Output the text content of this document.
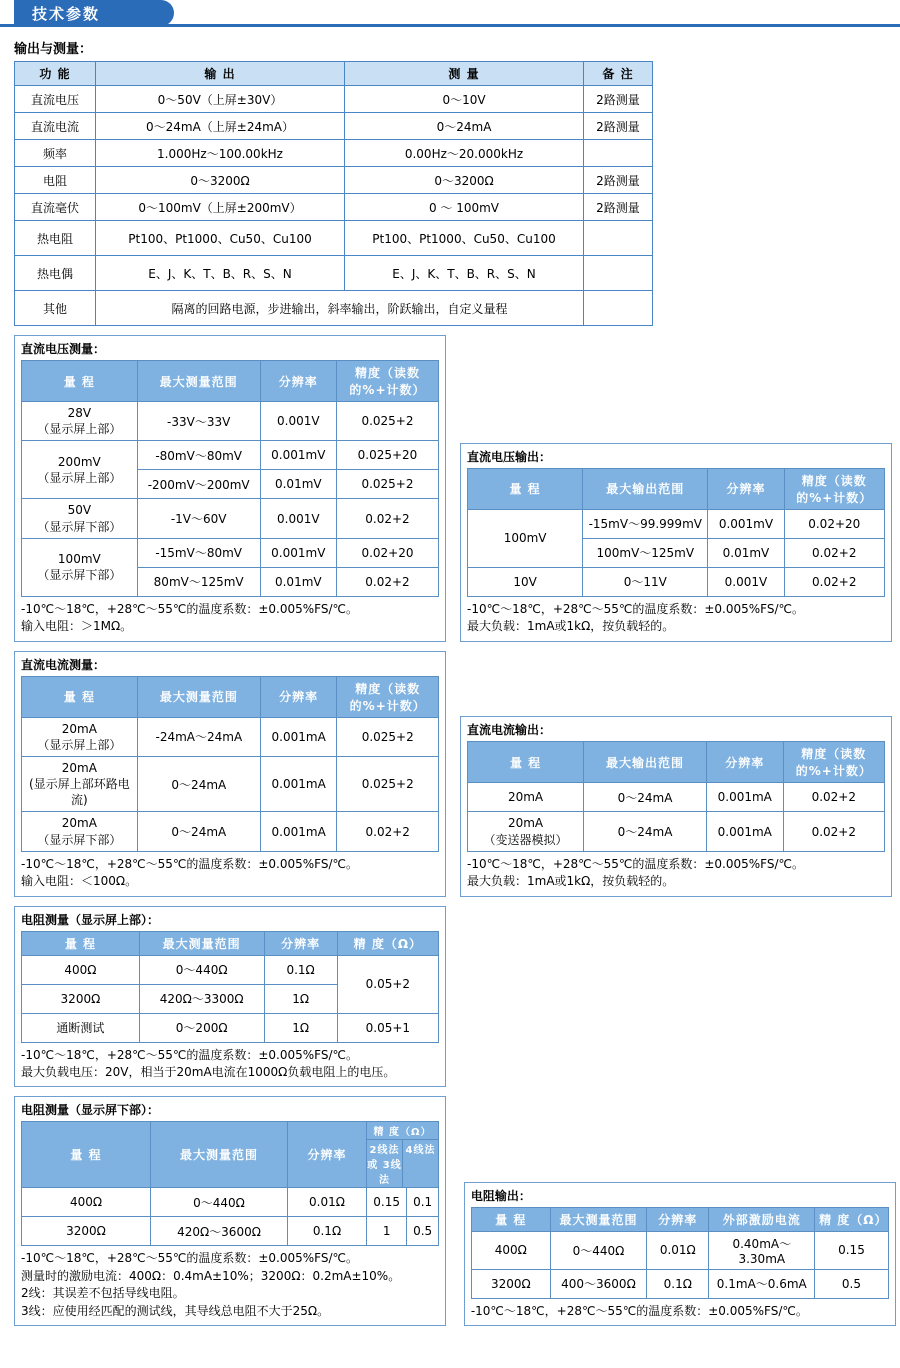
技术参数
输出与测量：
功 能	输 出	测 量	备 注
直流电压	0～50V（上屏±30V）	0～10V	2路测量
直流电流	0～24mA（上屏±24mA）	0～24mA	2路测量
频率	1.000Hz～100.00kHz	0.00Hz～20.000kHz	
电阻	0～3200Ω	0～3200Ω	2路测量
直流毫伏	0～100mV（上屏±200mV）	0 ～ 100mV	2路测量
热电阻	Pt100、Pt1000、Cu50、Cu100	Pt100、Pt1000、Cu50、Cu100	
热电偶	E、J、K、T、B、R、S、N	E、J、K、T、B、R、S、N	
其他	隔离的回路电源，步进输出，斜率输出，阶跃输出，自定义量程		
直流电压测量：
量 程	最大测量范围	分辨率	精度（读数的%+计数）

28V
（显示屏上部）	-33V～33V	0.001V	0.025+2

200mV
（显示屏上部）	-80mV～80mV	0.001mV	0.025+20
	-200mV～200mV	0.01mV	0.025+2

50V
（显示屏下部）	-1V～60V	0.001V	0.02+2

100mV
（显示屏下部）	-15mV～80mV	0.001mV	0.02+20
	80mV～125mV	0.01mV	0.02+2
-10℃～18℃，+28℃～55℃的温度系数：±0.005%FS/℃。
输入电阻：＞1MΩ。
直流电压输出：
量 程	最大输出范围	分辨率	精度（读数的%+计数）

100mV	-15mV～99.999mV	0.001mV	0.02+20
	100mV～125mV	0.01mV	0.02+2

10V	0～11V	0.001V	0.02+2
-10℃～18℃，+28℃～55℃的温度系数：±0.005%FS/℃。
最大负载：1mA或1kΩ，按负载轻的。
直流电流测量：
量 程	最大测量范围	分辨率	精度（读数的%+计数）

20mA
（显示屏上部）	-24mA～24mA	0.001mA	0.025+2

20mA
(显示屏上部环路电流)	0～24mA	0.001mA	0.025+2

20mA
（显示屏下部）	0～24mA	0.001mA	0.02+2
-10℃～18℃，+28℃～55℃的温度系数：±0.005%FS/℃。
输入电阻：＜100Ω。
直流电流输出：
量 程	最大输出范围	分辨率	精度（读数的%+计数）

20mA	0～24mA	0.001mA	0.02+2

20mA
（变送器模拟）	0～24mA	0.001mA	0.02+2
-10℃～18℃，+28℃～55℃的温度系数：±0.005%FS/℃。
最大负载：1mA或1kΩ，按负载轻的。
电阻测量（显示屏上部）：
量 程	最大测量范围	分辨率	精 度（Ω）

400Ω	0～440Ω	0.1Ω	0.05+2

3200Ω	420Ω～3300Ω	1Ω	

通断测试	0～200Ω	1Ω	0.05+1
-10℃～18℃，+28℃～55℃的温度系数：±0.005%FS/℃。
最大负载电压：20V，相当于20mA电流在1000Ω负载电阻上的电压。
电阻测量（显示屏下部）：
量 程	最大测量范围	分辨率	精 度（Ω）
2线法 或 3线法
4线法	

400Ω	0～440Ω	0.01Ω	0.15	0.1
3200Ω	420Ω～3600Ω	0.1Ω	1	0.5
-10℃～18℃，+28℃～55℃的温度系数：±0.005%FS/℃。
测量时的激励电流：400Ω：0.4mA±10%；3200Ω：0.2mA±10%。
2线：其误差不包括导线电阻。
3线：应使用经匹配的测试线，其导线总电阻不大于25Ω。

电阻输出：
量 程	最大测量范围	分辨率	外部激励电流	精 度（Ω）
400Ω	0～440Ω	0.01Ω	0.40mA～3.30mA	0.15
3200Ω	400～3600Ω	0.1Ω	0.1mA～0.6mA	0.5
-10℃～18℃，+28℃～55℃的温度系数：±0.005%FS/℃。
